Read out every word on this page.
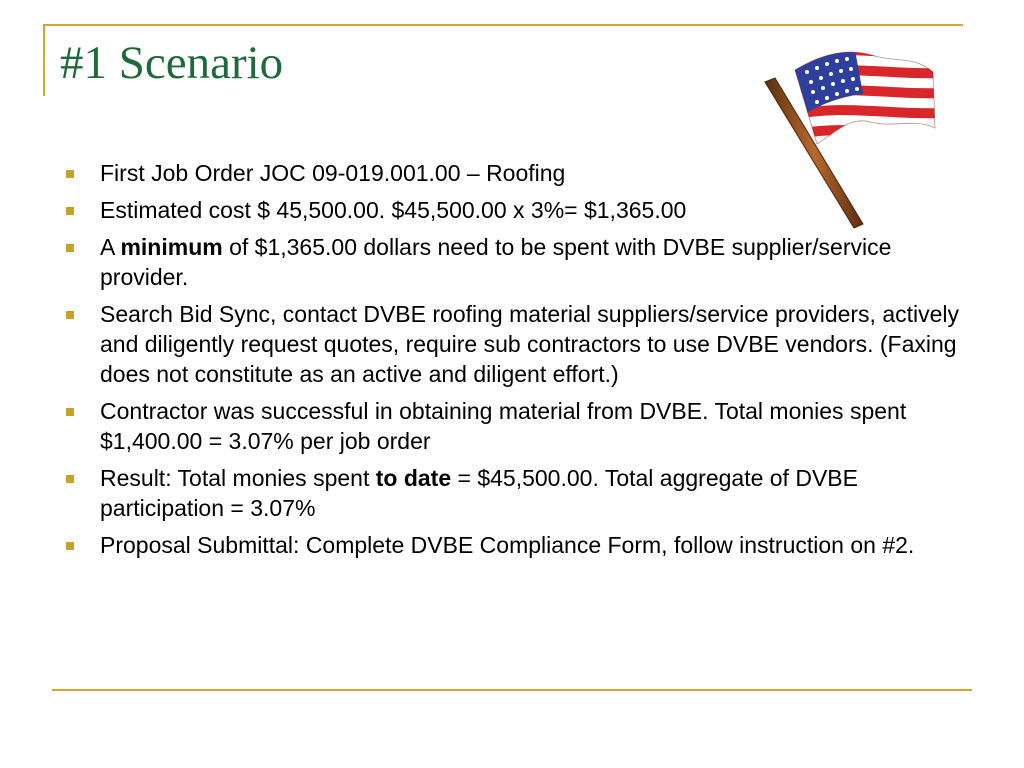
#1 Scenario
First Job Order JOC 09-019.001.00 – Roofing
Estimated cost $ 45,500.00. $45,500.00 x 3%= $1,365.00
A minimum of $1,365.00 dollars need to be spent with DVBE supplier/service provider.
Search Bid Sync, contact DVBE roofing material suppliers/service providers, actively and diligently request quotes, require sub contractors to use DVBE vendors. (Faxing does not constitute as an active and diligent effort.)
Contractor was successful in obtaining material from DVBE. Total monies spent $1,400.00 = 3.07% per job order
Result: Total monies spent to date = $45,500.00. Total aggregate of DVBE participation = 3.07%
Proposal Submittal: Complete DVBE Compliance Form, follow instruction on #2.
